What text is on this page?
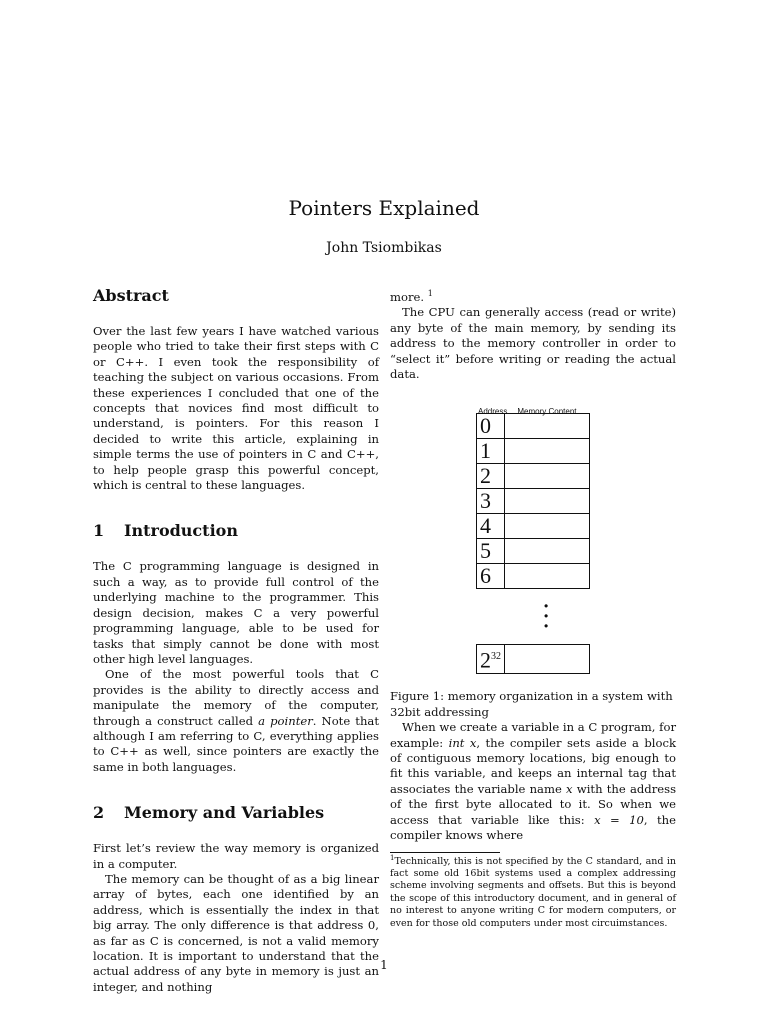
Pointers Explained
John Tsiombikas
Abstract

Over the last few years I have watched various people who tried to take their first steps with C or C++. I even took the responsibility of teaching the subject on various occasions. From these experiences I concluded that one of the concepts that novices find most difficult to understand, is pointers. For this reason I decided to write this article, explaining in simple terms the use of pointers in C and C++, to help people grasp this powerful concept, which is central to these languages.

1 Introduction

The C programming language is designed in such a way, as to provide full control of the underlying machine to the programmer. This design decision, makes C a very powerful programming language, able to be used for tasks that simply cannot be done with most other high level languages.

One of the most powerful tools that C provides is the ability to directly access and manipulate the memory of the computer, through a construct called a pointer. Note that although I am referring to C, everything applies to C++ as well, since pointers are exactly the same in both languages.

2 Memory and Variables

First let’s review the way memory is organized in a computer.

The memory can be thought of as a big linear array of bytes, each one identified by an address, which is essentially the index in that big array. The only difference is that address 0, as far as C is concerned, is not a valid memory location. It is important to understand that the actual address of any byte in memory is just an integer, and nothing

more. $^1$

The CPU can generally access (read or write) any byte of the main memory, by sending its address to the memory controller in order to “select it” before writing or reading the actual data.

Address Memory Content
0	
1	
2	
3	
4	
5	
6	
•
•
•
$2^{32}$	

Figure 1: memory organization in a system with 32bit addressing

When we create a variable in a C program, for example: int x, the compiler sets aside a block of contiguous memory locations, big enough to fit this variable, and keeps an internal tag that associates the variable name x with the address of the first byte allocated to it. So when we access that variable like this: x = 10, the compiler knows where

$^1$Technically, this is not specified by the C standard, and in fact some old 16bit systems used a complex addressing scheme involving segments and offsets. But this is beyond the scope of this introductory document, and in general of no interest to anyone writing C for modern computers, or even for those old computers under most circuimstances.

1
